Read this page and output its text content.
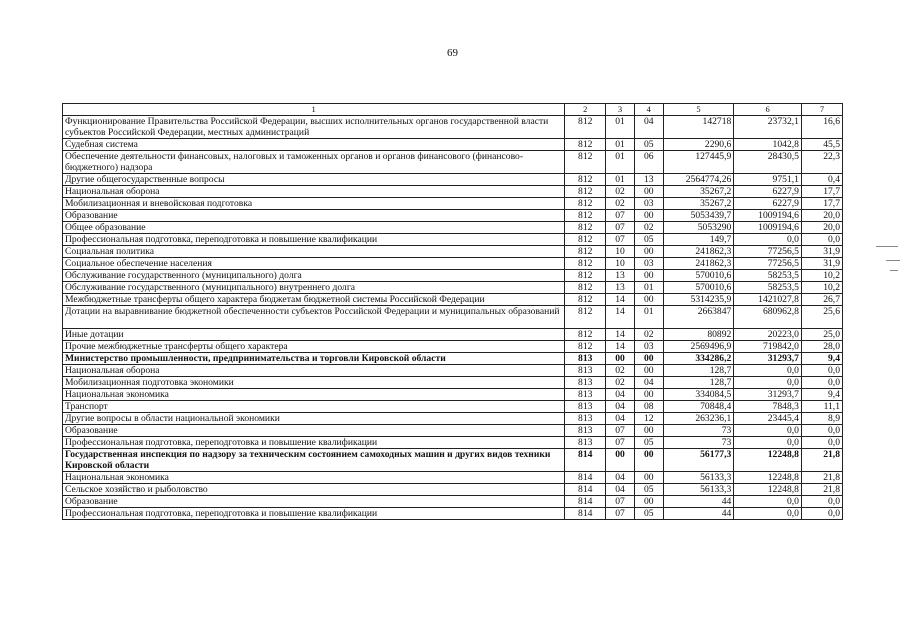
69
1	2	3	4	5	6	7
Функционирование Правительства Российской Федерации, высших исполнительных органов государственной власти субъектов Российской Федерации, местных администраций	812	01	04	142718	23732,1	16,6
Судебная система	812	01	05	2290,6	1042,8	45,5
Обеспечение деятельности финансовых, налоговых и таможенных органов и органов финансового (финансово-бюджетного) надзора	812	01	06	127445,9	28430,5	22,3
Другие общегосударственные вопросы	812	01	13	2564774,26	9751,1	0,4
Национальная оборона	812	02	00	35267,2	6227,9	17,7
Мобилизационная и вневойсковая подготовка	812	02	03	35267,2	6227,9	17,7
Образование	812	07	00	5053439,7	1009194,6	20,0
Общее образование	812	07	02	5053290	1009194,6	20,0
Профессиональная подготовка, переподготовка и повышение квалификации	812	07	05	149,7	0,0	0,0
Социальная политика	812	10	00	241862,3	77256,5	31,9
Социальное обеспечение населения	812	10	03	241862,3	77256,5	31,9
Обслуживание государственного (муниципального) долга	812	13	00	570010,6	58253,5	10,2
Обслуживание государственного (муниципального) внутреннего долга	812	13	01	570010,6	58253,5	10,2
Межбюджетные трансферты общего характера бюджетам бюджетной системы Российской Федерации	812	14	00	5314235,9	1421027,8	26,7
Дотации на выравнивание бюджетной обеспеченности субъектов Российской Федерации и муниципальных образований	812	14	01	2663847	680962,8	25,6
Иные дотации	812	14	02	80892	20223,0	25,0
Прочие межбюджетные трансферты общего характера	812	14	03	2569496,9	719842,0	28,0
Министерство промышленности, предпринимательства и торговли Кировской области	813	00	00	334286,2	31293,7	9,4
Национальная оборона	813	02	00	128,7	0,0	0,0
Мобилизационная подготовка экономики	813	02	04	128,7	0,0	0,0
Национальная экономика	813	04	00	334084,5	31293,7	9,4
Транспорт	813	04	08	70848,4	7848,3	11,1
Другие вопросы в области национальной экономики	813	04	12	263236,1	23445,4	8,9
Образование	813	07	00	73	0,0	0,0
Профессиональная подготовка, переподготовка и повышение квалификации	813	07	05	73	0,0	0,0
Государственная инспекция по надзору за техническим состоянием самоходных машин и других видов техники Кировской области	814	00	00	56177,3	12248,8	21,8
Национальная экономика	814	04	00	56133,3	12248,8	21,8
Сельское хозяйство и рыболовство	814	04	05	56133,3	12248,8	21,8
Образование	814	07	00	44	0,0	0,0
Профессиональная подготовка, переподготовка и повышение квалификации	814	07	05	44	0,0	0,0
